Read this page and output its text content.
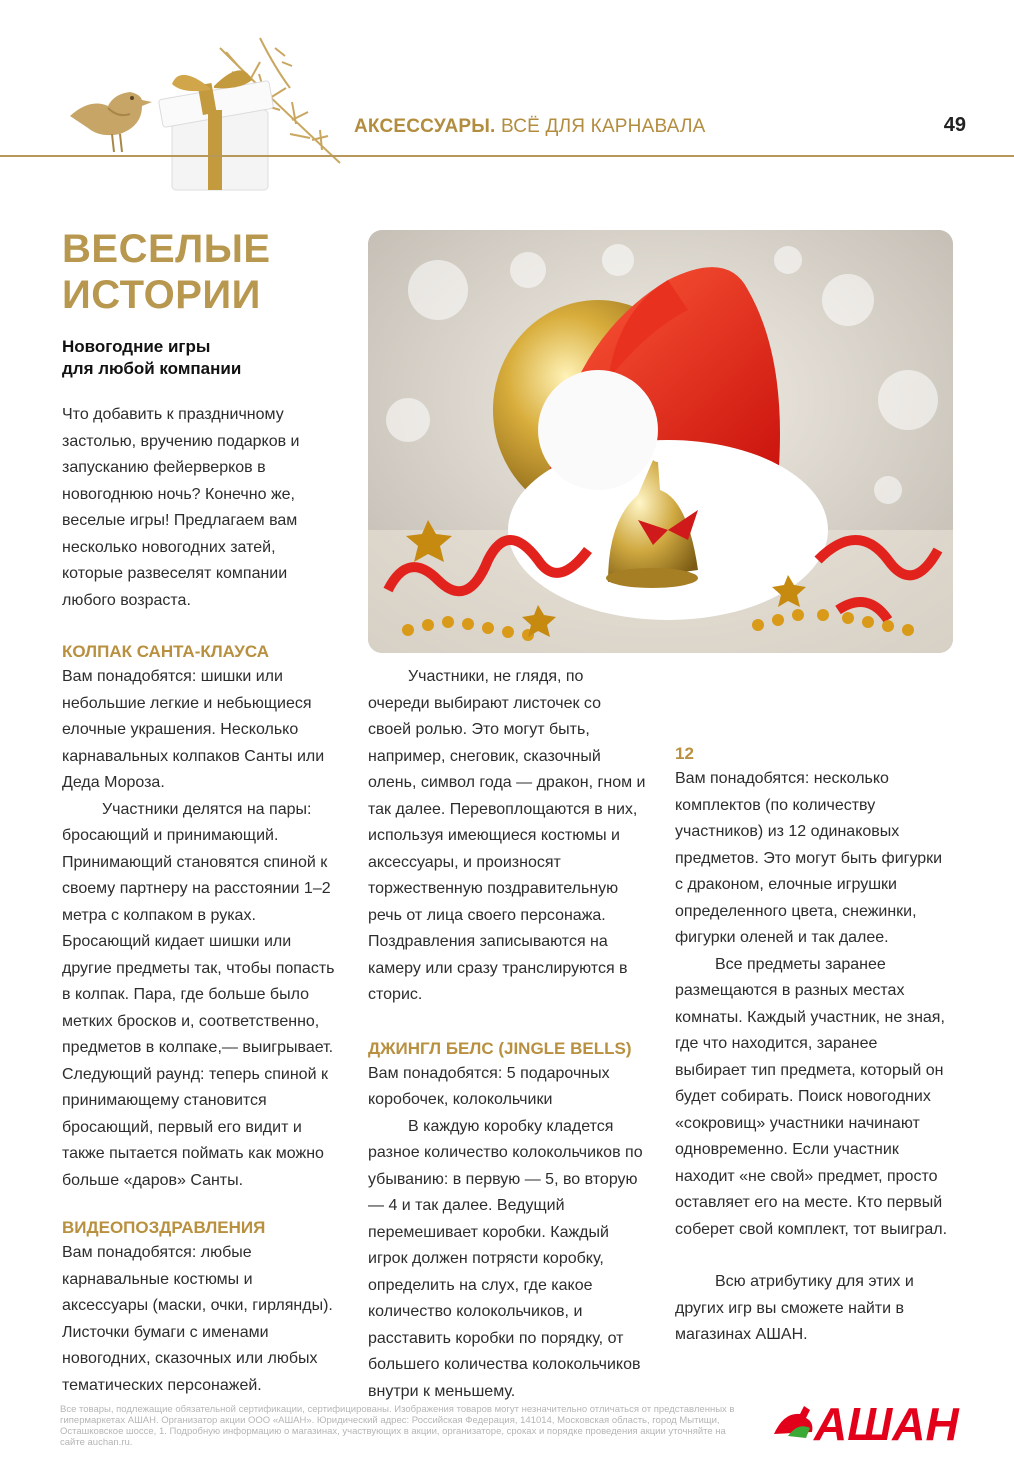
АКСЕССУАРЫ. ВСЁ ДЛЯ КАРНАВАЛА	49
ВЕСЕЛЫЕ
ИСТОРИИ
Новогодние игры
для любой компании

Что добавить к праздничному застолью, вручению подарков и запусканию фейерверков в новогоднюю ночь? Конечно же, веселые игры! Предлагаем вам несколько новогодних затей, которые развеселят компании любого возраста.

КОЛПАК САНТА-КЛАУСА

Вам понадобятся: шишки или небольшие легкие и небьющиеся елочные украшения. Несколько карнавальных колпаков Санты или Деда Мороза.

Участники делятся на пары: бросающий и принимающий. Принимающий становятся спиной к своему партнеру на расстоянии 1–2 метра с колпаком в руках. Бросающий кидает шишки или другие предметы так, чтобы попасть в колпак. Пара, где больше было метких бросков и, соответственно, предметов в колпаке,— выигрывает. Следующий раунд: теперь спиной к принимающему становится бросающий, первый его видит и также пытается поймать как можно больше «даров» Санты.

ВИДЕОПОЗДРАВЛЕНИЯ

Вам понадобятся: любые карнавальные костюмы и аксессуары (маски, очки, гирлянды). Листочки бумаги с именами новогодних, сказочных или любых тематических персонажей.

Участники, не глядя, по очереди выбирают листочек со своей ролью. Это могут быть, например, снеговик, сказочный олень, символ года — дракон, гном и так далее. Перевоплощаются в них, используя имеющиеся костюмы и аксессуары, и произносят торжественную поздравительную речь от лица своего персонажа. Поздравления записываются на камеру или сразу транслируются в сторис.

ДЖИНГЛ БЕЛС (JINGLE BELLS)

Вам понадобятся: 5 подарочных коробочек, колокольчики

В каждую коробку кладется разное количество колокольчиков по убыванию: в первую — 5, во вторую — 4 и так далее. Ведущий перемешивает коробки. Каждый игрок должен потрясти коробку, определить на слух, где какое количество колокольчиков, и расставить коробки по порядку, от большего количества колокольчиков внутри к меньшему.

12

Вам понадобятся: несколько комплектов (по количеству участников) из 12 одинаковых предметов. Это могут быть фигурки с драконом, елочные игрушки определенного цвета, снежинки, фигурки оленей и так далее.

Все предметы заранее размещаются в разных местах комнаты. Каждый участник, не зная, где что находится, заранее выбирает тип предмета, который он будет собирать. Поиск новогодних «сокровищ» участники начинают одновременно. Если участник находит «не свой» предмет, просто оставляет его на месте. Кто первый соберет свой комплект, тот выиграл.

Всю атрибутику для этих и других игр вы сможете найти в магазинах АШАН.

Все товары, подлежащие обязательной сертификации, сертифицированы. Изображения товаров могут незначительно отличаться от представленных в гипермаркетах АШАН. Организатор акции ООО «АШАН». Юридический адрес: Российская Федерация, 141014, Московская область, город Мытищи, Осташковское шоссе, 1. Подробную информацию о магазинах, участвующих в акции, организаторе, сроках и порядке проведения акции уточняйте на сайте auchan.ru.	АШАН
